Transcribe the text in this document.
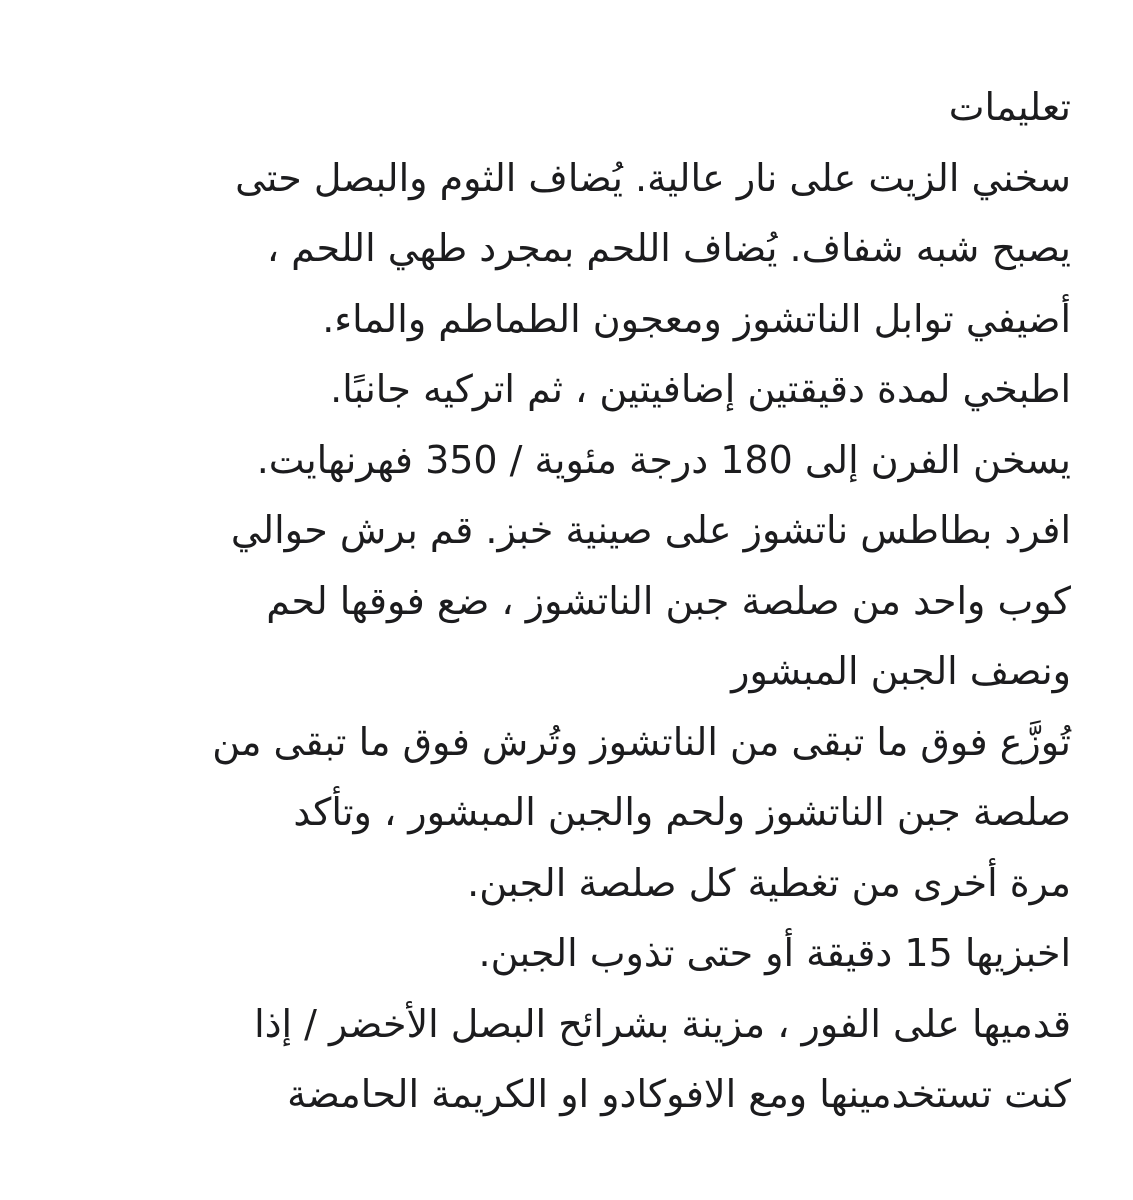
تعليمات
سخني الزيت على نار عالية. يُضاف الثوم والبصل حتى
يصبح شبه شفاف. يُضاف اللحم بمجرد طهي اللحم ،
أضيفي توابل الناتشوز ومعجون الطماطم والماء.
اطبخي لمدة دقيقتين إضافيتين ، ثم اتركيه جانبًا.
يسخن الفرن إلى 180 درجة مئوية / 350 فهرنهايت.
افرد بطاطس ناتشوز على صينية خبز. قم برش حوالي
كوب واحد من صلصة جبن الناتشوز ، ضع فوقها لحم
ونصف الجبن المبشور
تُوزَّع فوق ما تبقى من الناتشوز وتُرش فوق ما تبقى من
صلصة جبن الناتشوز ولحم والجبن المبشور ، وتأكد
مرة أخرى من تغطية كل صلصة الجبن.
اخبزيها 15 دقيقة أو حتى تذوب الجبن.
قدميها على الفور ، مزينة بشرائح البصل الأخضر / إذا
كنت تستخدمينها ومع الافوكادو او الكريمة الحامضة
